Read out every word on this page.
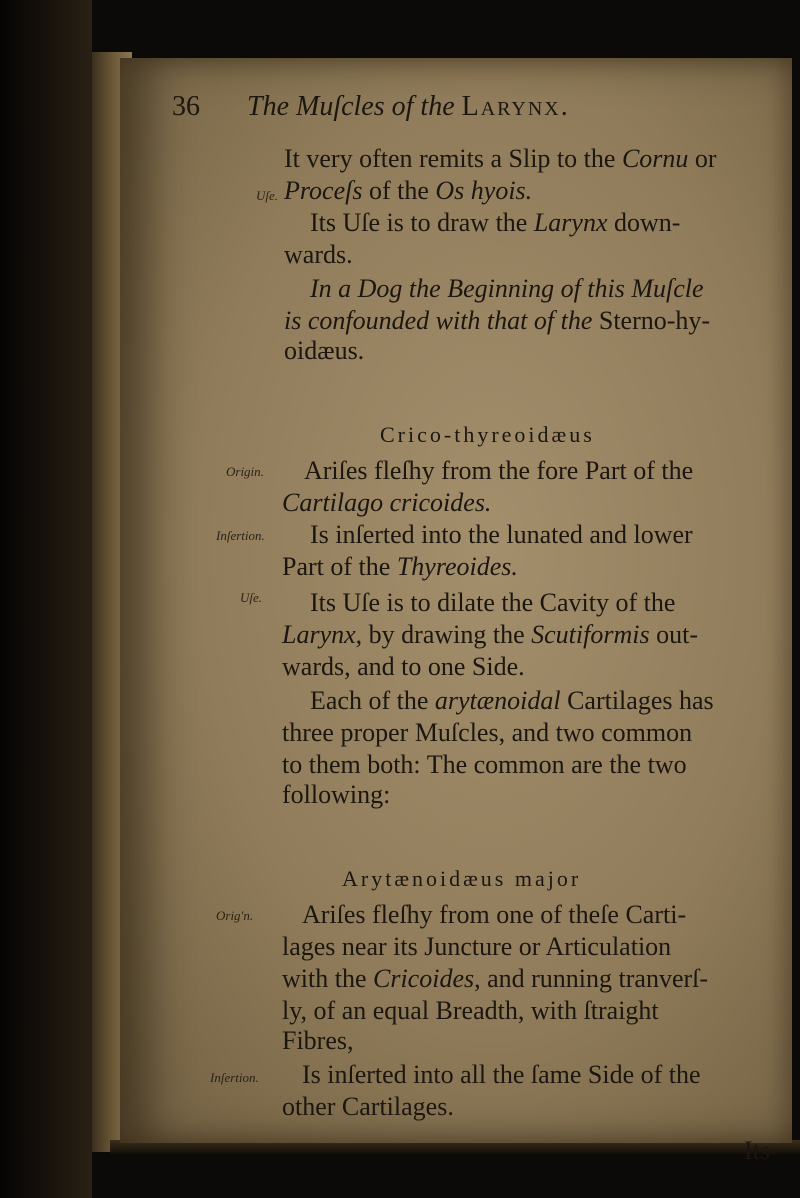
36 The Muſcles of the Larynx.
It very often remits a Slip to the Cornu or
Proceſs of the Os hyois.
Uſe.
Its Uſe is to draw the Larynx down-
wards.
In a Dog the Beginning of this Muſcle
is confounded with that of the Sterno-hy-
oidæus.
Crico-thyreoidæus
Origin. Ariſes fleſhy from the fore Part of the
Cartilago cricoides.
Inſertion. Is inſerted into the lunated and lower
Part of the Thyreoides.
Uſe. Its Uſe is to dilate the Cavity of the
Larynx, by drawing the Scutiformis out-
wards, and to one Side.
Each of the arytænoidal Cartilages has
three proper Muſcles, and two common
to them both: The common are the two
following:
Arytænoidæus major
Orig'n. Ariſes fleſhy from one of theſe Carti-
lages near its Juncture or Articulation
with the Cricoides, and running tranverſ-
ly, of an equal Breadth, with ſtraight
Fibres,
Inſertion. Is inſerted into all the ſame Side of the
other Cartilages.
Its
